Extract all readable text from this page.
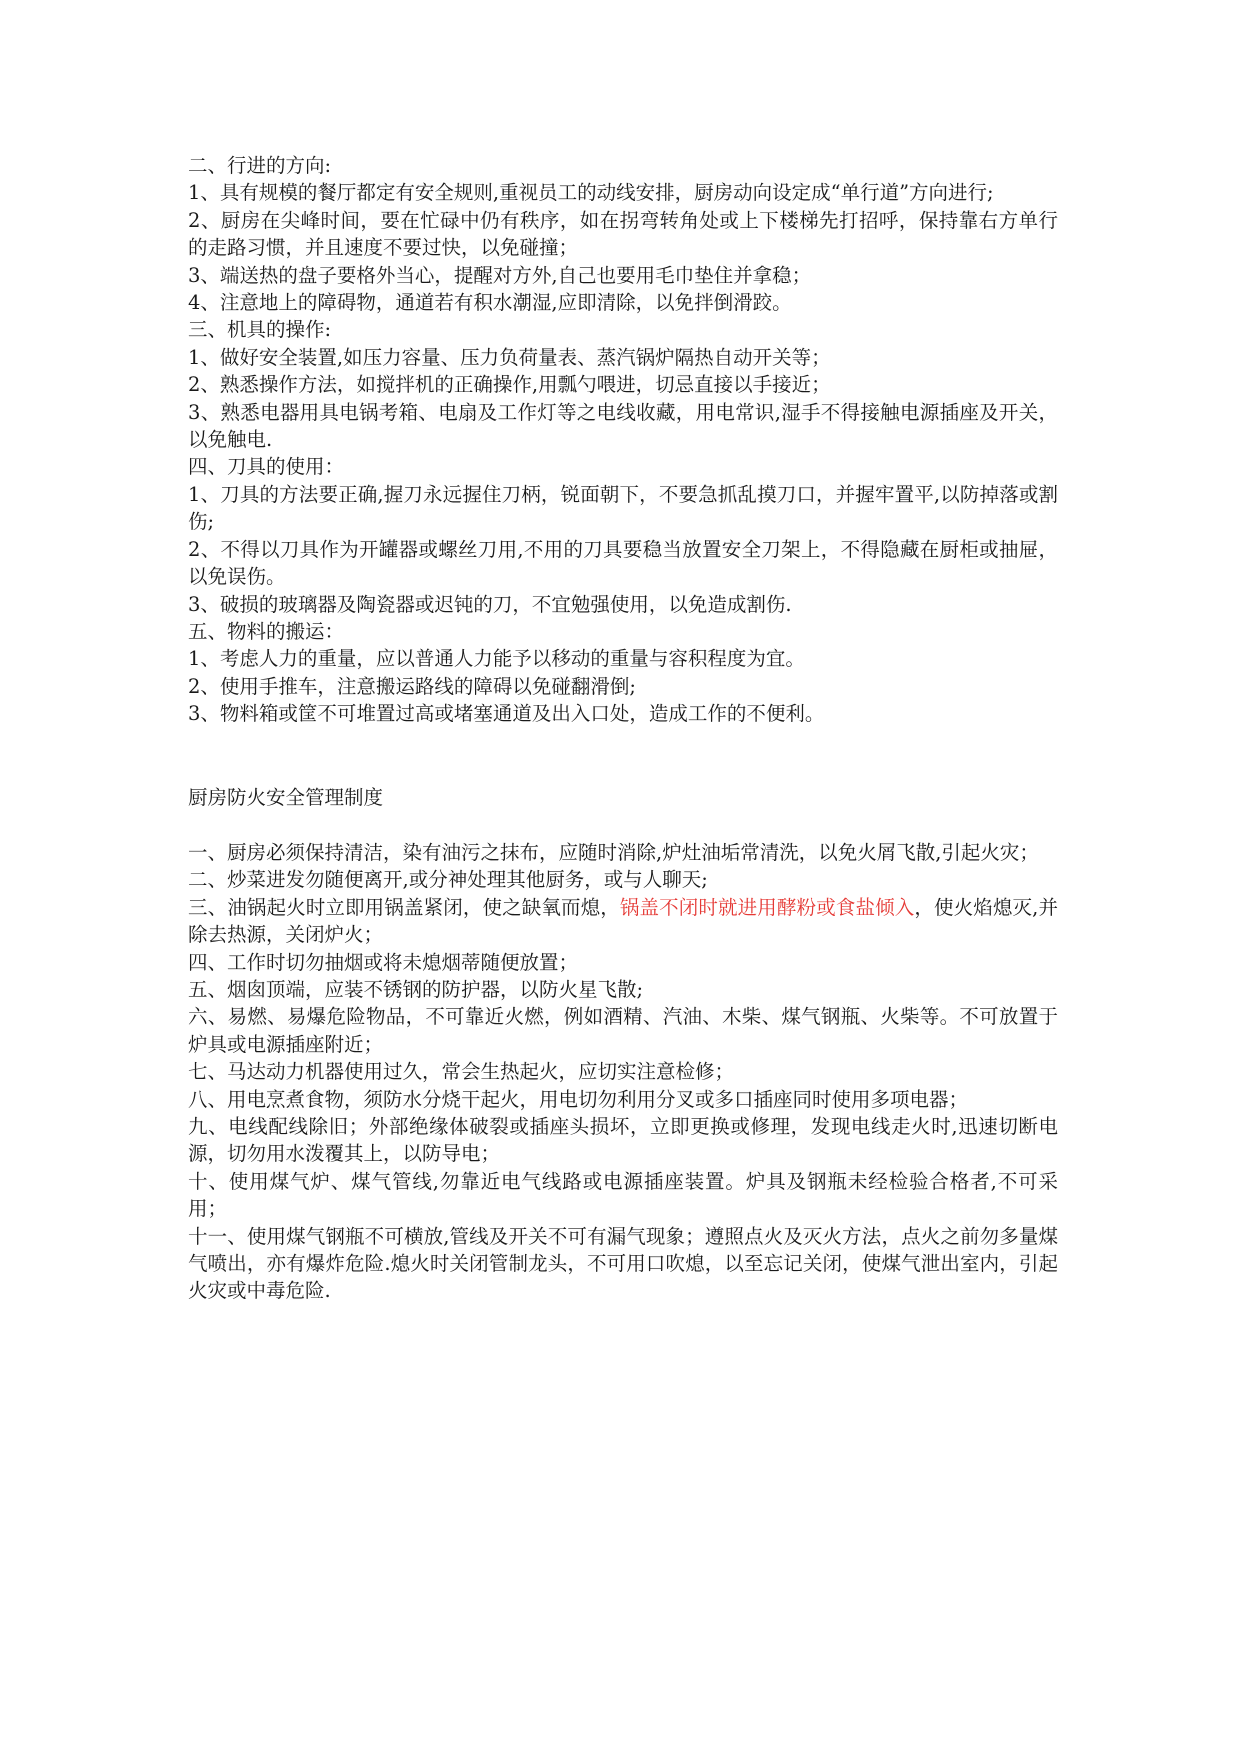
二、行进的方向:

1、具有规模的餐厅都定有安全规则,重视员工的动线安排，厨房动向设定成“单行道”方向进行;

2、厨房在尖峰时间，要在忙碌中仍有秩序，如在拐弯转角处或上下楼梯先打招呼，保持靠右方单行的走路习惯，并且速度不要过快，以免碰撞；

3、端送热的盘子要格外当心，提醒对方外,自己也要用毛巾垫住并拿稳；

4、注意地上的障碍物，通道若有积水潮湿,应即清除，以免拌倒滑跤。

三、机具的操作:

1、做好安全装置,如压力容量、压力负荷量表、蒸汽锅炉隔热自动开关等；

2、熟悉操作方法，如搅拌机的正确操作,用瓢勺喂进，切忌直接以手接近；

3、熟悉电器用具电锅考箱、电扇及工作灯等之电线收藏，用电常识,湿手不得接触电源插座及开关，以免触电.

四、刀具的使用：

1、刀具的方法要正确,握刀永远握住刀柄，锐面朝下，不要急抓乱摸刀口，并握牢置平,以防掉落或割伤;

2、不得以刀具作为开罐器或螺丝刀用,不用的刀具要稳当放置安全刀架上，不得隐藏在厨柜或抽屉，以免误伤。

3、破损的玻璃器及陶瓷器或迟钝的刀，不宜勉强使用，以免造成割伤.

五、物料的搬运：

1、考虑人力的重量，应以普通人力能予以移动的重量与容积程度为宜。

2、使用手推车，注意搬运路线的障碍以免碰翻滑倒;

3、物料箱或筐不可堆置过高或堵塞通道及出入口处，造成工作的不便利。

厨房防火安全管理制度

一、厨房必须保持清洁，染有油污之抹布，应随时消除,炉灶油垢常清洗，以免火屑飞散,引起火灾；

二、炒菜进发勿随便离开,或分神处理其他厨务，或与人聊天;

三、油锅起火时立即用锅盖紧闭，使之缺氧而熄，锅盖不闭时就进用酵粉或食盐倾入，使火焰熄灭,并除去热源，关闭炉火；

四、工作时切勿抽烟或将未熄烟蒂随便放置；

五、烟囱顶端，应装不锈钢的防护器，以防火星飞散;

六、易燃、易爆危险物品，不可靠近火燃，例如酒精、汽油、木柴、煤气钢瓶、火柴等。不可放置于炉具或电源插座附近；

七、马达动力机器使用过久，常会生热起火，应切实注意检修；

八、用电烹煮食物，须防水分烧干起火，用电切勿利用分叉或多口插座同时使用多项电器；

九、电线配线除旧；外部绝缘体破裂或插座头损坏，立即更换或修理，发现电线走火时,迅速切断电源，切勿用水泼覆其上，以防导电；

十、使用煤气炉、煤气管线,勿靠近电气线路或电源插座装置。炉具及钢瓶未经检验合格者,不可采用；

十一、使用煤气钢瓶不可横放,管线及开关不可有漏气现象；遵照点火及灭火方法，点火之前勿多量煤气喷出，亦有爆炸危险.熄火时关闭管制龙头，不可用口吹熄，以至忘记关闭，使煤气泄出室内，引起火灾或中毒危险.
